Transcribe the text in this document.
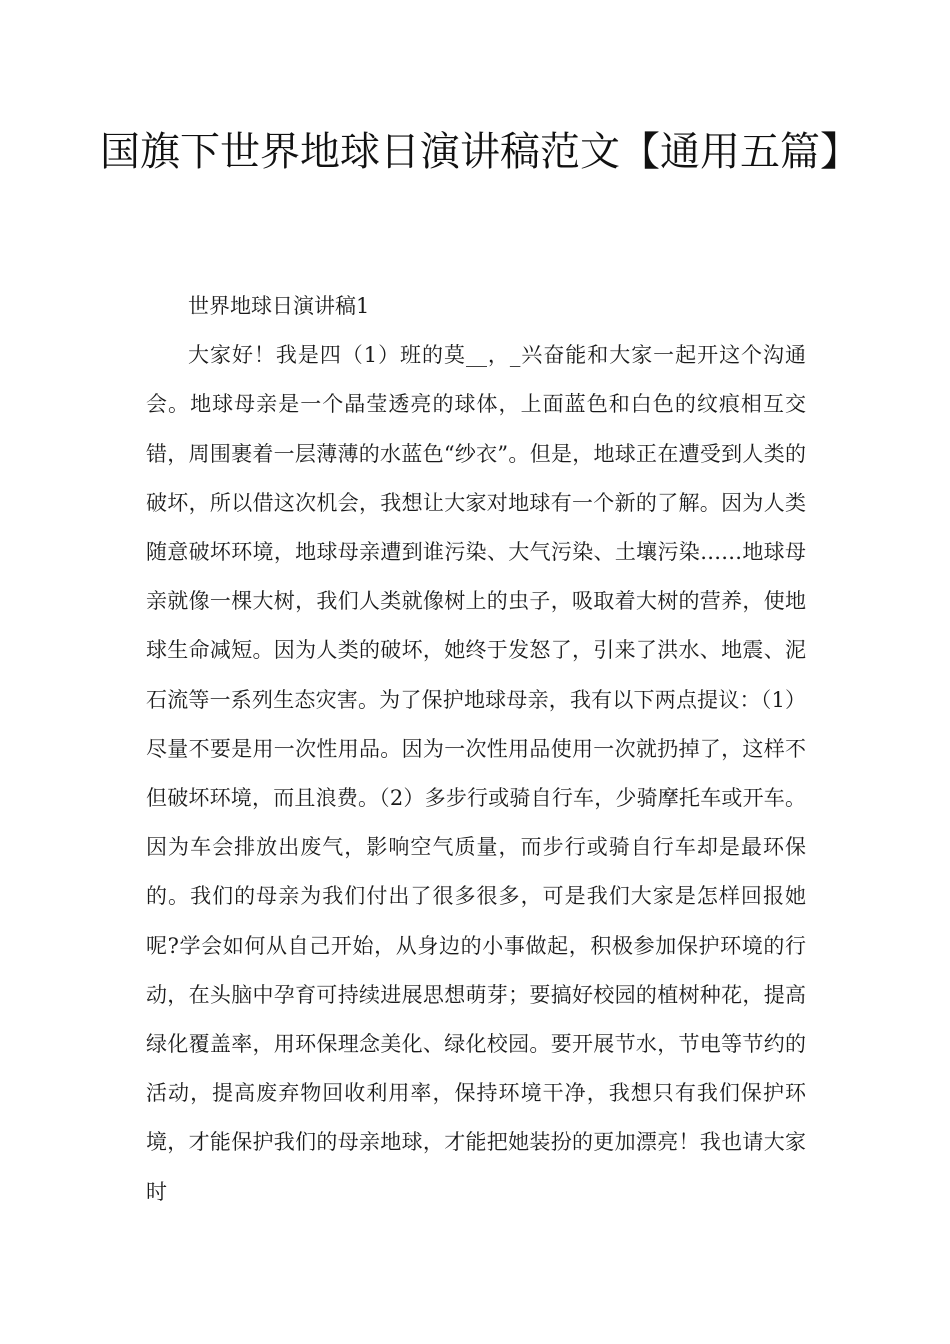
国旗下世界地球日演讲稿范文【通用五篇】

世界地球日演讲稿1

大家好！我是四（1）班的莫__，_兴奋能和大家一起开这个沟通会。地球母亲是一个晶莹透亮的球体，上面蓝色和白色的纹痕相互交错，周围裹着一层薄薄的水蓝色“纱衣”。但是，地球正在遭受到人类的破坏，所以借这次机会，我想让大家对地球有一个新的了解。因为人类随意破坏环境，地球母亲遭到谁污染、大气污染、土壤污染……地球母亲就像一棵大树，我们人类就像树上的虫子，吸取着大树的营养，使地球生命减短。因为人类的破坏，她终于发怒了，引来了洪水、地震、泥石流等一系列生态灾害。为了保护地球母亲，我有以下两点提议：（1）尽量不要是用一次性用品。因为一次性用品使用一次就扔掉了，这样不但破坏环境，而且浪费。（2）多步行或骑自行车，少骑摩托车或开车。因为车会排放出废气，影响空气质量，而步行或骑自行车却是最环保的。我们的母亲为我们付出了很多很多，可是我们大家是怎样回报她呢?学会如何从自己开始，从身边的小事做起，积极参加保护环境的行动，在头脑中孕育可持续进展思想萌芽；要搞好校园的植树种花，提高绿化覆盖率，用环保理念美化、绿化校园。要开展节水，节电等节约的活动，提高废弃物回收利用率，保持环境干净，我想只有我们保护环境，才能保护我们的母亲地球，才能把她装扮的更加漂亮！我也请大家时
